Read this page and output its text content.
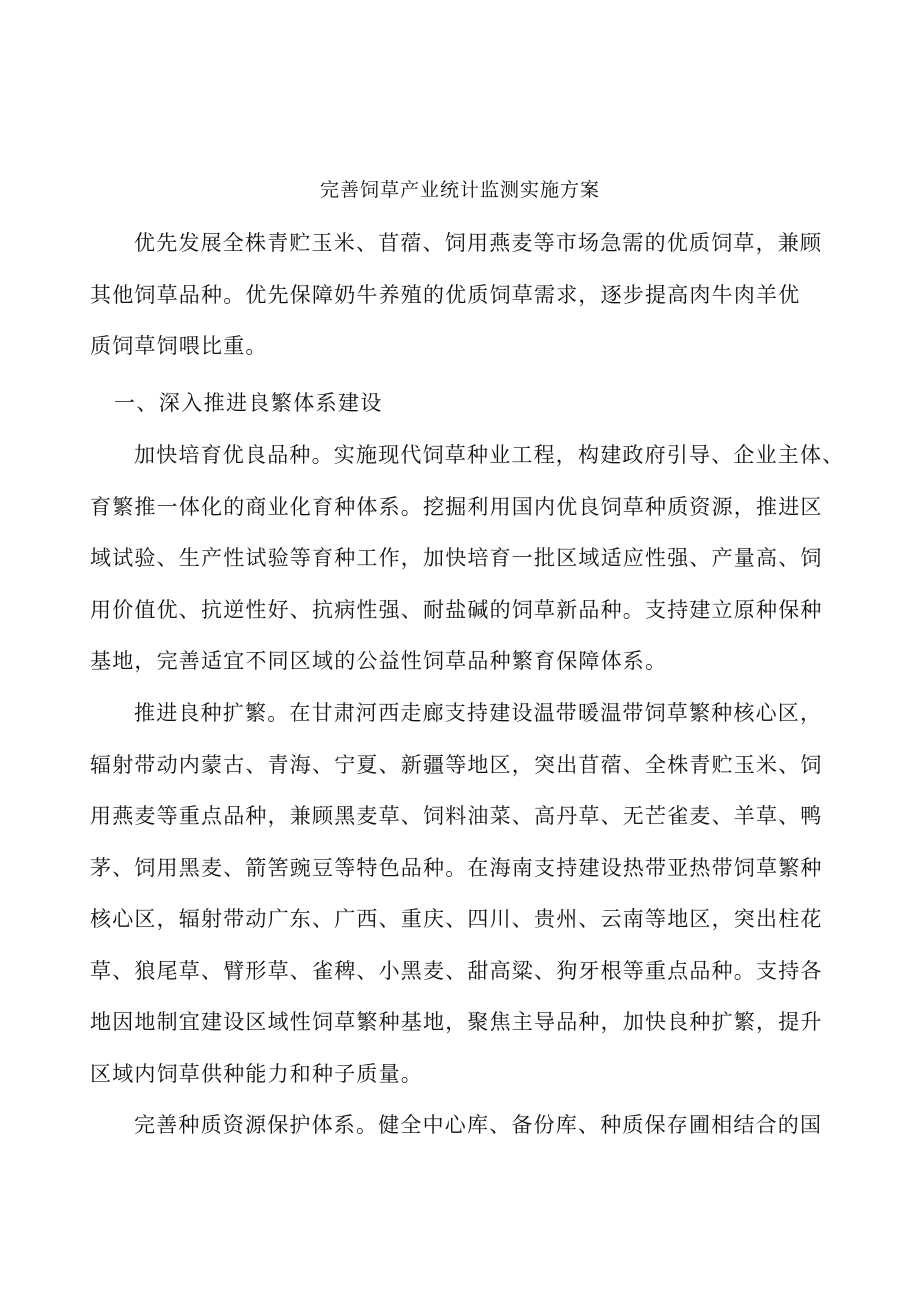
完善饲草产业统计监测实施方案
优先发展全株青贮玉米、苜蓿、饲用燕麦等市场急需的优质饲草，兼顾
其他饲草品种。优先保障奶牛养殖的优质饲草需求，逐步提高肉牛肉羊优
质饲草饲喂比重。
一、深入推进良繁体系建设
加快培育优良品种。实施现代饲草种业工程，构建政府引导、企业主体、
育繁推一体化的商业化育种体系。挖掘利用国内优良饲草种质资源，推进区
域试验、生产性试验等育种工作，加快培育一批区域适应性强、产量高、饲
用价值优、抗逆性好、抗病性强、耐盐碱的饲草新品种。支持建立原种保种
基地，完善适宜不同区域的公益性饲草品种繁育保障体系。
推进良种扩繁。在甘肃河西走廊支持建设温带暖温带饲草繁种核心区，
辐射带动内蒙古、青海、宁夏、新疆等地区，突出苜蓿、全株青贮玉米、饲
用燕麦等重点品种，兼顾黑麦草、饲料油菜、高丹草、无芒雀麦、羊草、鸭
茅、饲用黑麦、箭筈豌豆等特色品种。在海南支持建设热带亚热带饲草繁种
核心区，辐射带动广东、广西、重庆、四川、贵州、云南等地区，突出柱花
草、狼尾草、臂形草、雀稗、小黑麦、甜高粱、狗牙根等重点品种。支持各
地因地制宜建设区域性饲草繁种基地，聚焦主导品种，加快良种扩繁，提升
区域内饲草供种能力和种子质量。
完善种质资源保护体系。健全中心库、备份库、种质保存圃相结合的国
